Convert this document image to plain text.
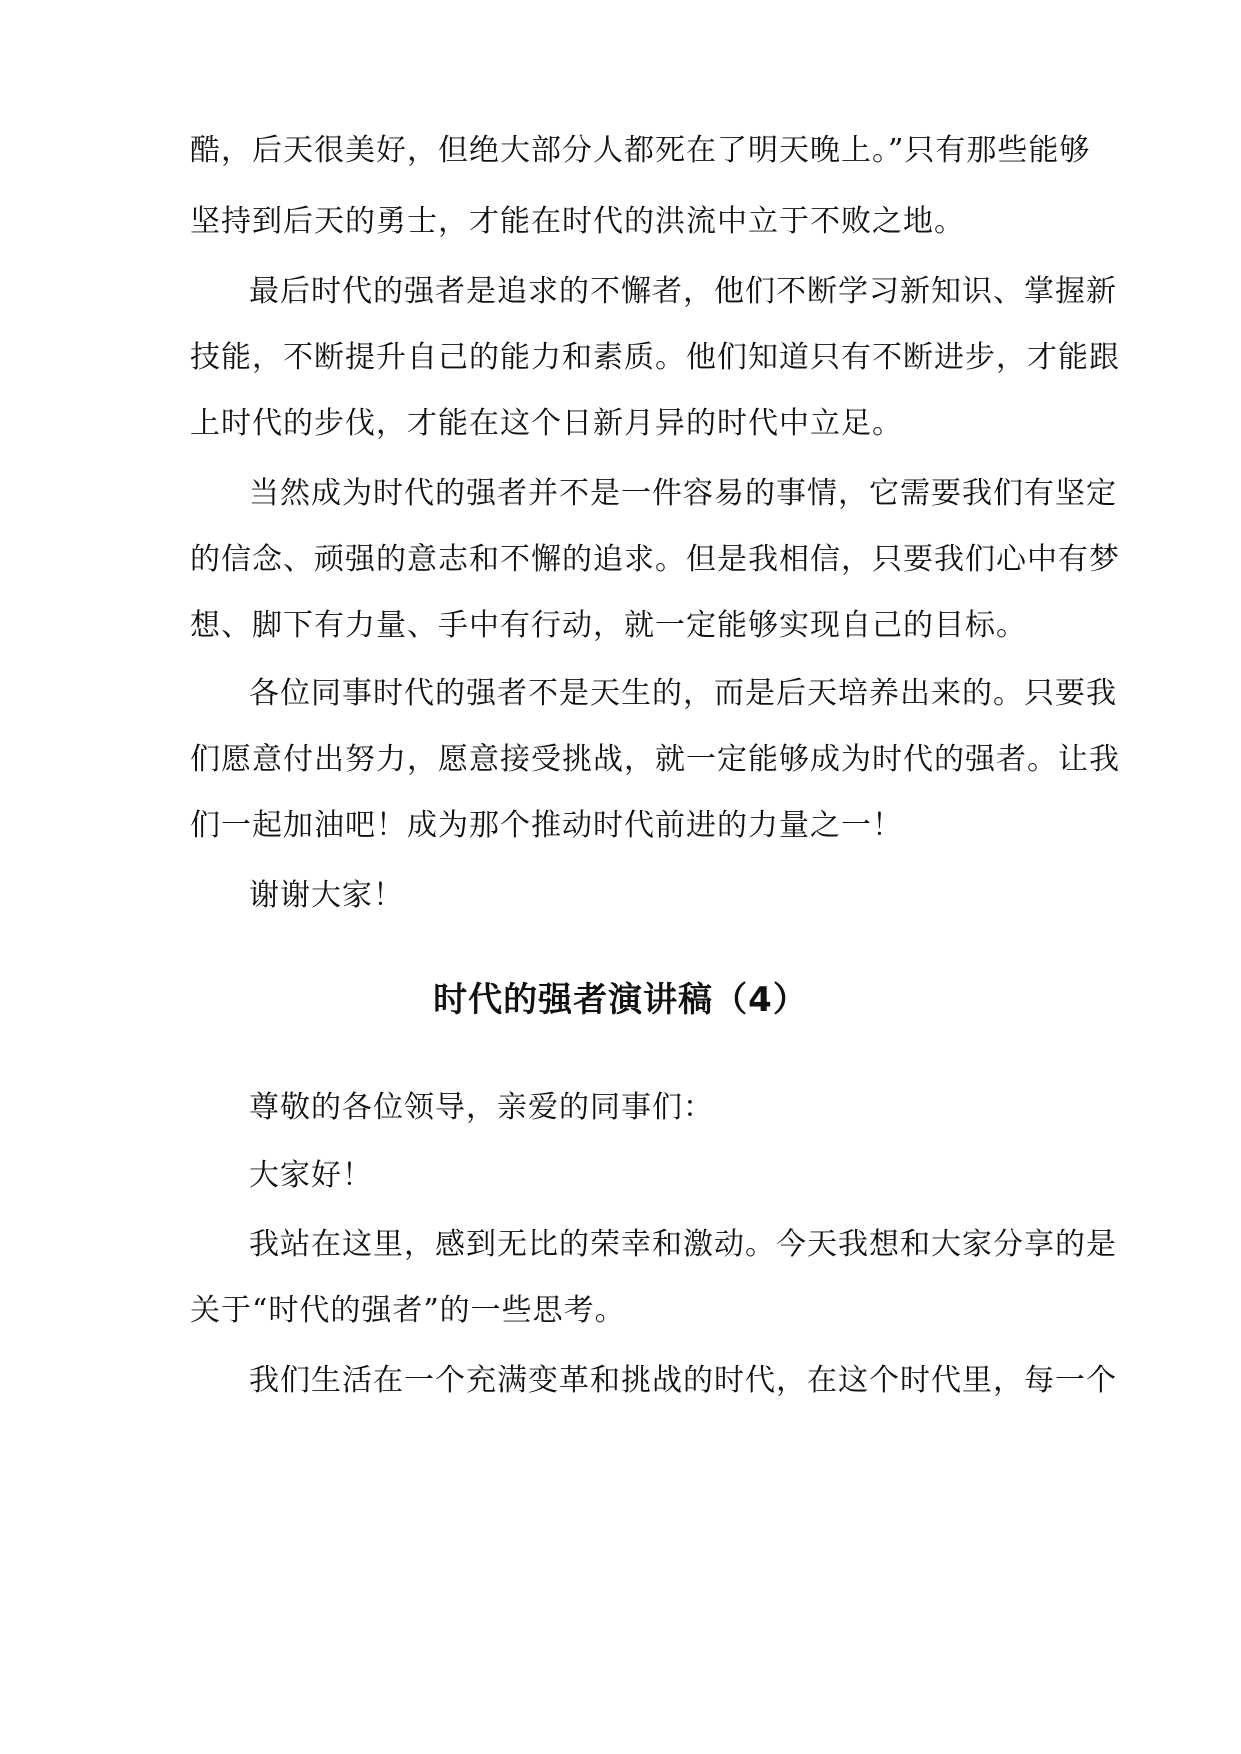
酷，后天很美好，但绝大部分人都死在了明天晚上。”只有那些能够
坚持到后天的勇士，才能在时代的洪流中立于不败之地。
最后时代的强者是追求的不懈者，他们不断学习新知识、掌握新
技能，不断提升自己的能力和素质。他们知道只有不断进步，才能跟
上时代的步伐，才能在这个日新月异的时代中立足。
当然成为时代的强者并不是一件容易的事情，它需要我们有坚定
的信念、顽强的意志和不懈的追求。但是我相信，只要我们心中有梦
想、脚下有力量、手中有行动，就一定能够实现自己的目标。
各位同事时代的强者不是天生的，而是后天培养出来的。只要我
们愿意付出努力，愿意接受挑战，就一定能够成为时代的强者。让我
们一起加油吧！成为那个推动时代前进的力量之一！
谢谢大家！
时代的强者演讲稿（4）
尊敬的各位领导，亲爱的同事们：
大家好！
我站在这里，感到无比的荣幸和激动。今天我想和大家分享的是
关于“时代的强者”的一些思考。
我们生活在一个充满变革和挑战的时代，在这个时代里，每一个
